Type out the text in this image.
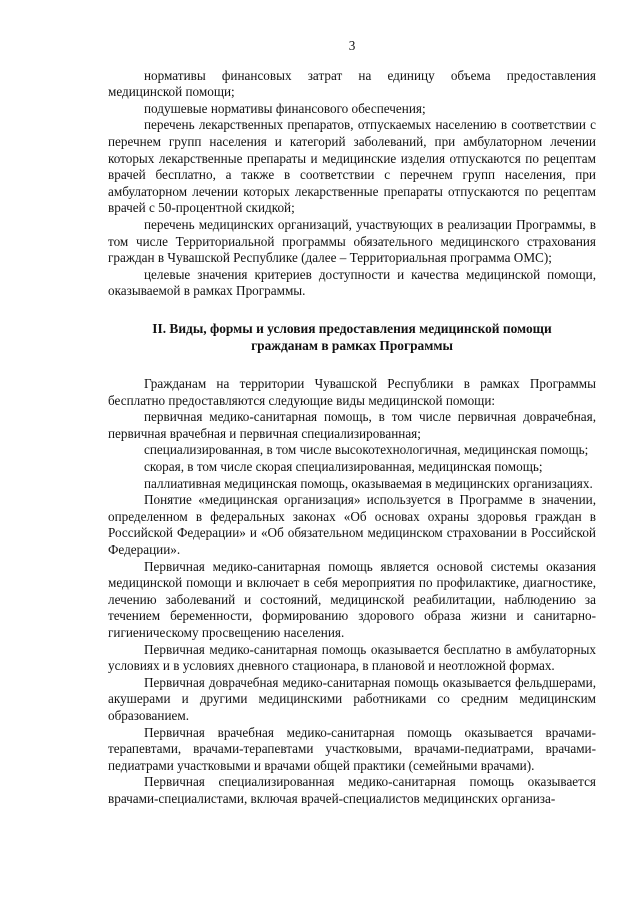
3

нормативы финансовых затрат на единицу объема предоставления медицинской помощи;

подушевые нормативы финансового обеспечения;

перечень лекарственных препаратов, отпускаемых населению в соответствии с перечнем групп населения и категорий заболеваний, при амбулаторном лечении которых лекарственные препараты и медицинские изделия отпускаются по рецептам врачей бесплатно, а также в соответствии с перечнем групп населения, при амбулаторном лечении которых лекарственные препараты отпускаются по рецептам врачей с 50-процентной скидкой;

перечень медицинских организаций, участвующих в реализации Программы, в том числе Территориальной программы обязательного медицинского страхования граждан в Чувашской Республике (далее – Территориальная программа ОМС);

целевые значения критериев доступности и качества медицинской помощи, оказываемой в рамках Программы.

II. Виды, формы и условия предоставления медицинской помощи
гражданам в рамках Программы

Гражданам на территории Чувашской Республики в рамках Программы бесплатно предоставляются следующие виды медицинской помощи:

первичная медико-санитарная помощь, в том числе первичная доврачебная, первичная врачебная и первичная специализированная;

специализированная, в том числе высокотехнологичная, медицинская помощь;

скорая, в том числе скорая специализированная, медицинская помощь;

паллиативная медицинская помощь, оказываемая в медицинских организациях.

Понятие «медицинская организация» используется в Программе в значении, определенном в федеральных законах «Об основах охраны здоровья граждан в Российской Федерации» и «Об обязательном медицинском страховании в Российской Федерации».

Первичная медико-санитарная помощь является основой системы оказания медицинской помощи и включает в себя мероприятия по профилактике, диагностике, лечению заболеваний и состояний, медицинской реабилитации, наблюдению за течением беременности, формированию здорового образа жизни и санитарно-гигиеническому просвещению населения.

Первичная медико-санитарная помощь оказывается бесплатно в амбулаторных условиях и в условиях дневного стационара, в плановой и неотложной формах.

Первичная доврачебная медико-санитарная помощь оказывается фельдшерами, акушерами и другими медицинскими работниками со средним медицинским образованием.

Первичная врачебная медико-санитарная помощь оказывается врачами-терапевтами, врачами-терапевтами участковыми, врачами-педиатрами, врачами-педиатрами участковыми и врачами общей практики (семейными врачами).

Первичная специализированная медико-санитарная помощь оказывается врачами-специалистами, включая врачей-специалистов медицинских организа-
